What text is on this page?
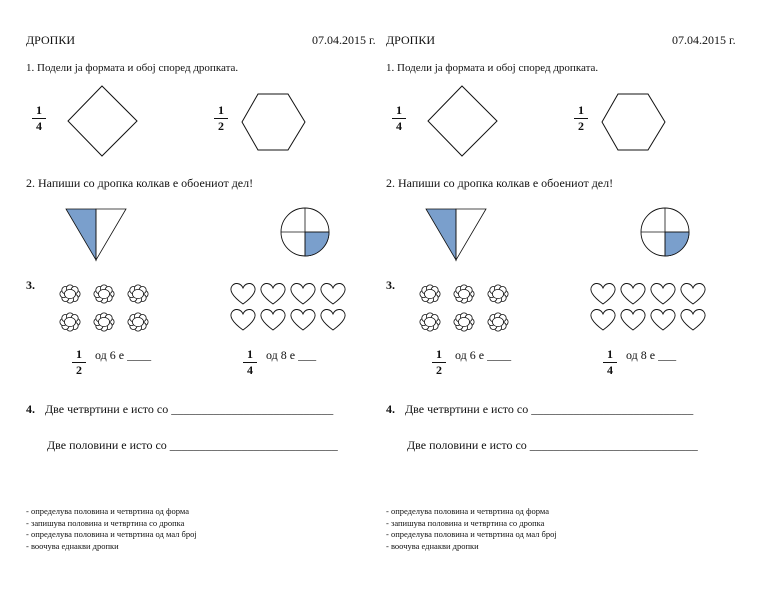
ДРОПКИ	07.04.2015 г.
1. Подели ја формата и обој според дропката.
1
4
1
2
2. Напиши со дропка колкав е обоениот дел!
3.
1
2
од 6 е ____	1
4
од 8 е ___
4. Две четвртини е исто со ___________________________
Две половини е исто со ____________________________
- определува половина и четвртина од форма
- запишува половина и четвртина со дропка
- определува половина и четвртина од мал број
- воочува еднакви дропки
ДРОПКИ	07.04.2015 г.
1. Подели ја формата и обој според дропката.
1
4
1
2
2. Напиши со дропка колкав е обоениот дел!
3.
1
2
од 6 е ____	1
4
од 8 е ___
4. Две четвртини е исто со ___________________________
Две половини е исто со ____________________________
- определува половина и четвртина од форма
- запишува половина и четвртина со дропка
- определува половина и четвртина од мал број
- воочува еднакви дропки
